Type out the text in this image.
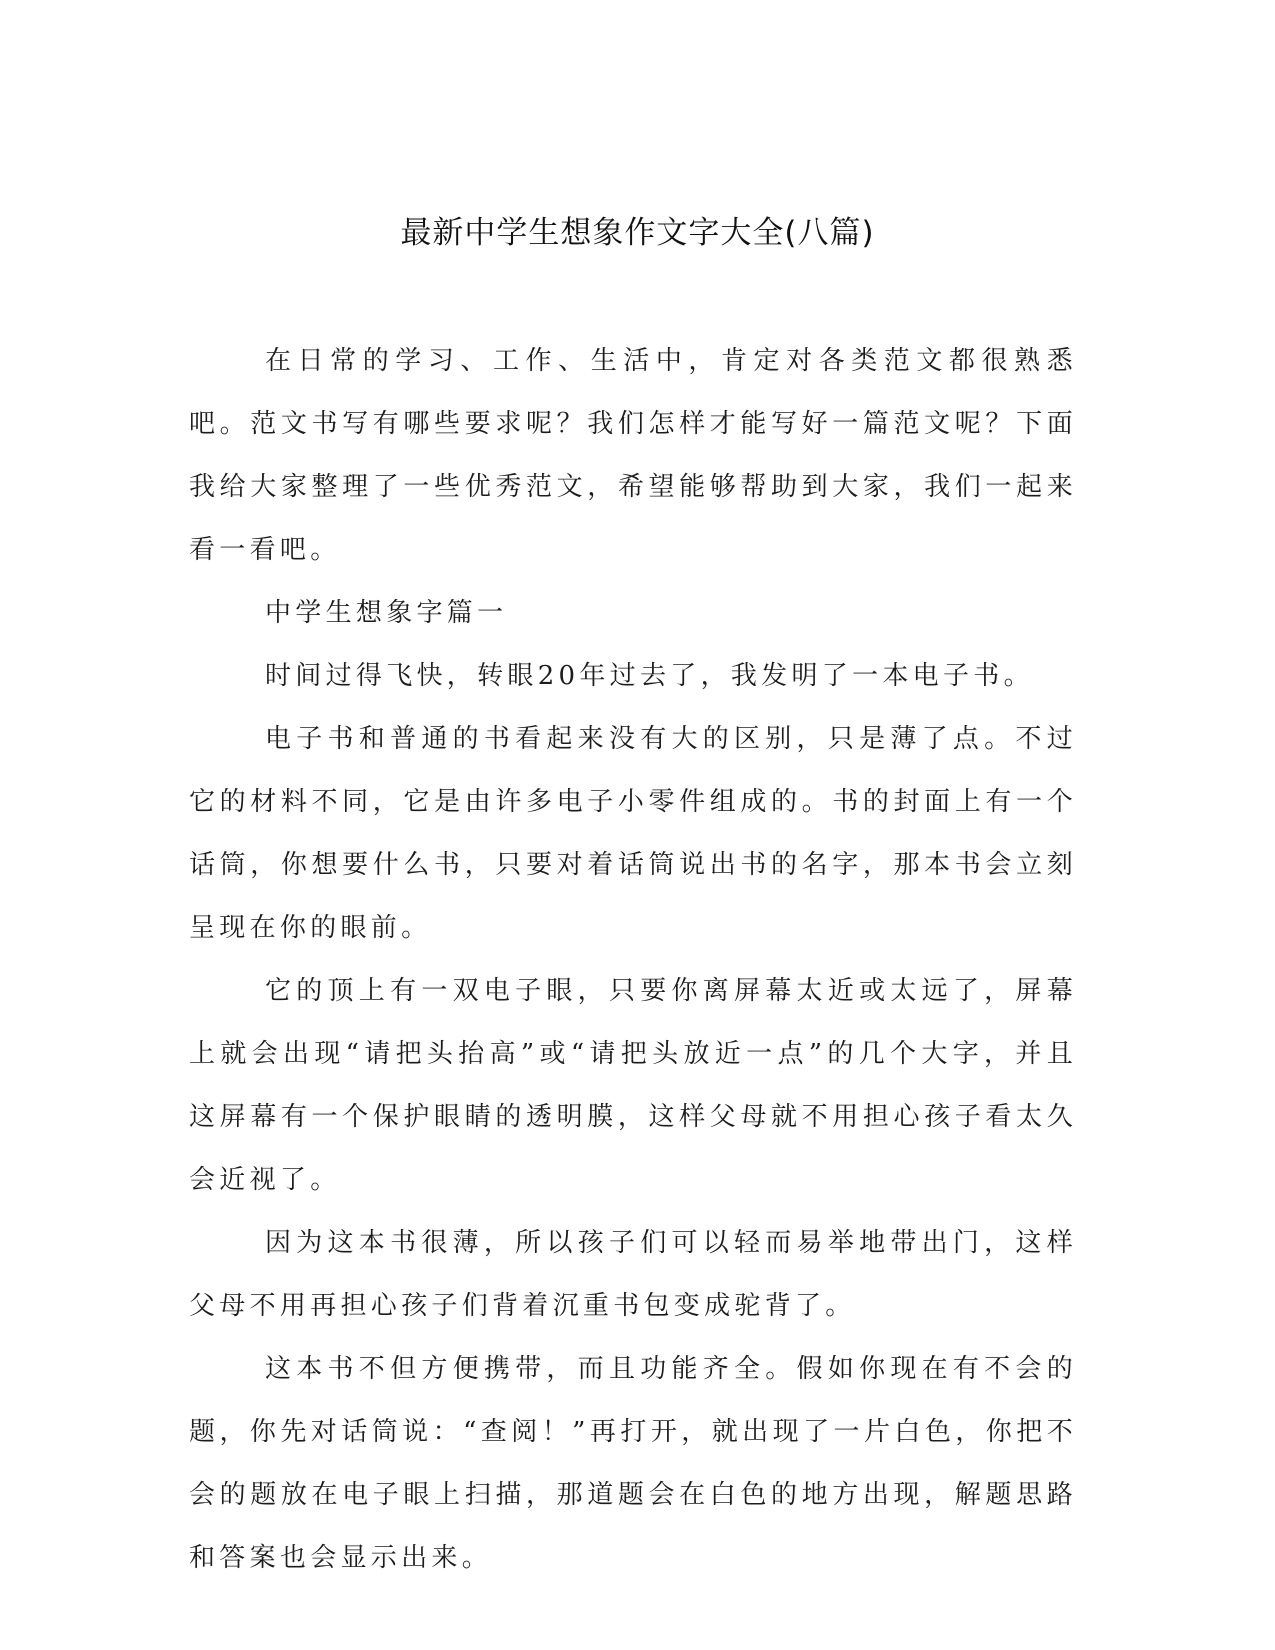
最新中学生想象作文字大全(八篇)

在日常的学习、工作、生活中，肯定对各类范文都很熟悉吧。范文书写有哪些要求呢？我们怎样才能写好一篇范文呢？下面我给大家整理了一些优秀范文，希望能够帮助到大家，我们一起来看一看吧。

中学生想象字篇一

时间过得飞快，转眼20年过去了，我发明了一本电子书。

电子书和普通的书看起来没有大的区别，只是薄了点。不过它的材料不同，它是由许多电子小零件组成的。书的封面上有一个话筒，你想要什么书，只要对着话筒说出书的名字，那本书会立刻呈现在你的眼前。

它的顶上有一双电子眼，只要你离屏幕太近或太远了，屏幕上就会出现“请把头抬高”或“请把头放近一点”的几个大字，并且这屏幕有一个保护眼睛的透明膜，这样父母就不用担心孩子看太久会近视了。

因为这本书很薄，所以孩子们可以轻而易举地带出门，这样父母不用再担心孩子们背着沉重书包变成驼背了。

这本书不但方便携带，而且功能齐全。假如你现在有不会的题，你先对话筒说：“查阅！”再打开，就出现了一片白色，你把不会的题放在电子眼上扫描，那道题会在白色的地方出现，解题思路和答案也会显示出来。
